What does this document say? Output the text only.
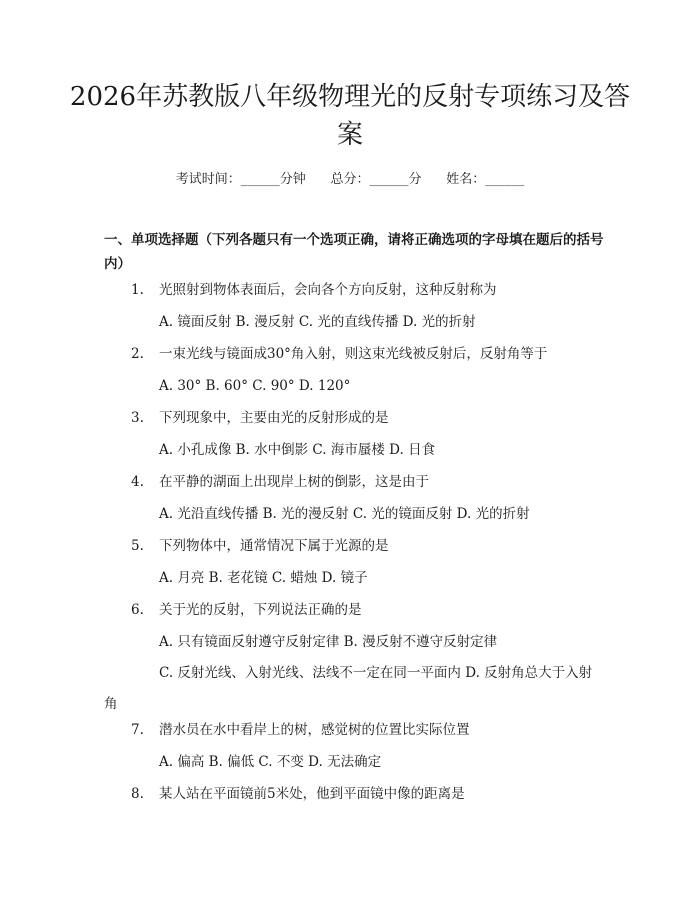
2026年苏教版八年级物理光的反射专项练习及答案
考试时间：______分钟      总分：______分      姓名：______
一、单项选择题（下列各题只有一个选项正确，请将正确选项的字母填在题后的括号内）
1.	光照射到物体表面后，会向各个方向反射，这种反射称为
A. 镜面反射 B. 漫反射 C. 光的直线传播 D. 光的折射
2.	一束光线与镜面成30°角入射，则这束光线被反射后，反射角等于
A. 30° B. 60° C. 90° D. 120°
3.	下列现象中，主要由光的反射形成的是
A. 小孔成像 B. 水中倒影 C. 海市蜃楼 D. 日食
4.	在平静的湖面上出现岸上树的倒影，这是由于
A. 光沿直线传播 B. 光的漫反射 C. 光的镜面反射 D. 光的折射
5.	下列物体中，通常情况下属于光源的是
A. 月亮 B. 老花镜 C. 蜡烛 D. 镜子
6.	关于光的反射，下列说法正确的是
A. 只有镜面反射遵守反射定律 B. 漫反射不遵守反射定律
C. 反射光线、入射光线、法线不一定在同一平面内 D. 反射角总大于入射角
7.	潜水员在水中看岸上的树，感觉树的位置比实际位置
A. 偏高 B. 偏低 C. 不变 D. 无法确定
8.	某人站在平面镜前5米处，他到平面镜中像的距离是
